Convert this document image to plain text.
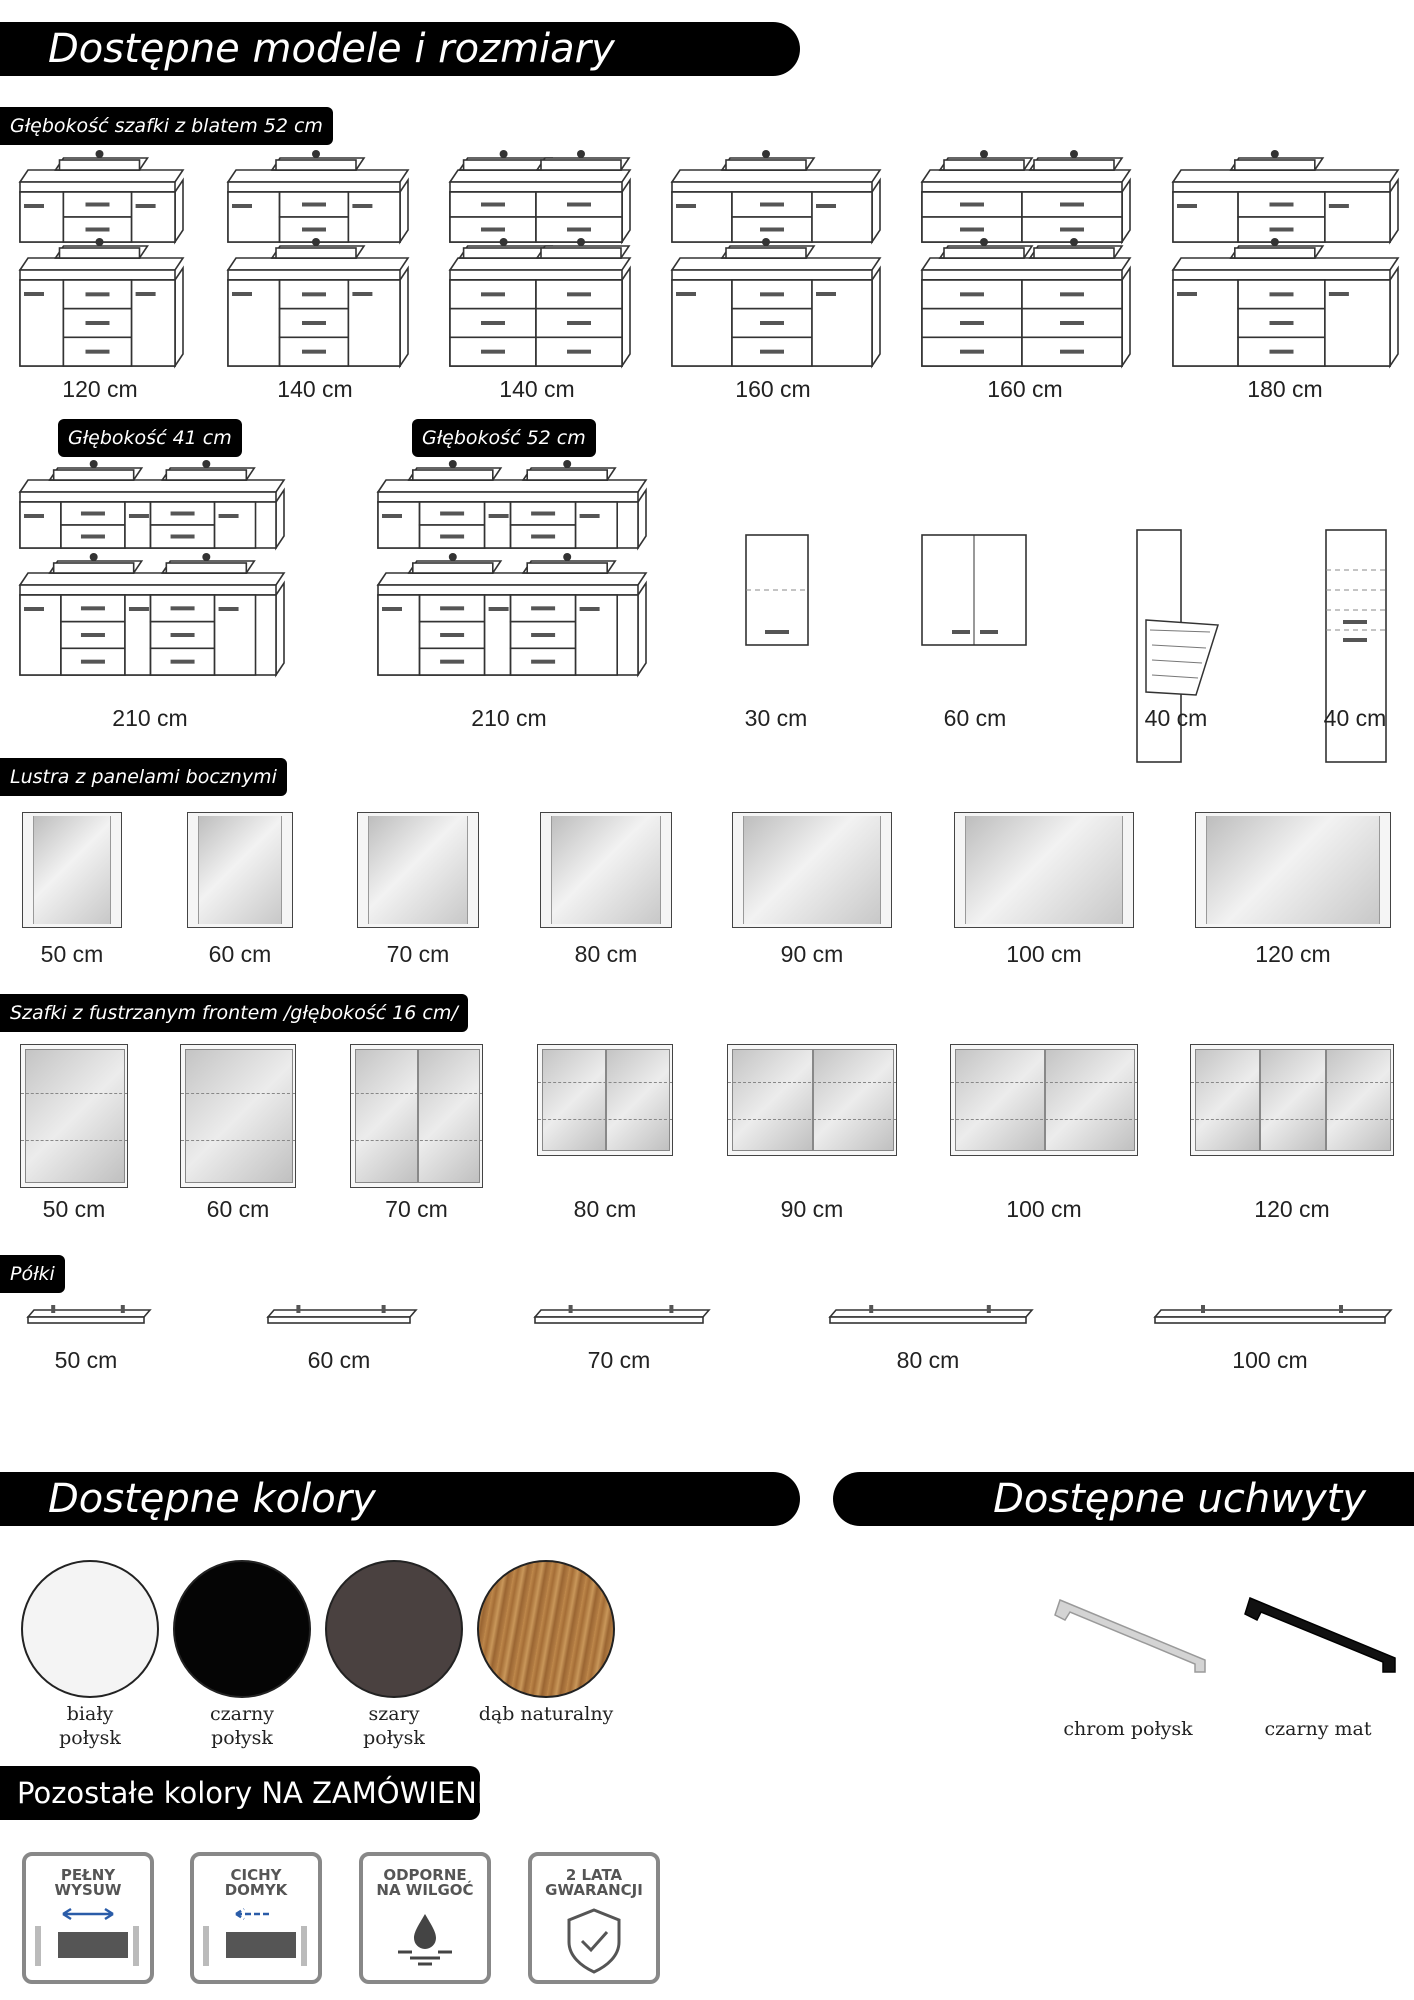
Dostępne modele i rozmiary
Głębokość szafki z blatem 52 cm
120 cm	140 cm	140 cm	160 cm	160 cm	180 cm
Głębokość 41 cm	Głębokość 52 cm
210 cm	210 cm	30 cm	60 cm	40 cm	40 cm
Lustra z panelami bocznymi
50 cm	60 cm	70 cm	80 cm	90 cm	100 cm	120 cm
Szafki z fustrzanym frontem /głębokość 16 cm/
50 cm	60 cm	70 cm	80 cm	90 cm	100 cm	120 cm
Półki
50 cm	60 cm	70 cm	80 cm	100 cm
Dostępne kolory	Dostępne uchwyty
biały
połysk
czarny
połysk
szary
połysk
dąb naturalny
chrom połysk	czarny mat
Pozostałe kolory NA ZAMÓWIENIE
PEŁNY
WYSUW
CICHY
DOMYK
ODPORNE
NA WILGOĆ
2 LATA
GWARANCJI
